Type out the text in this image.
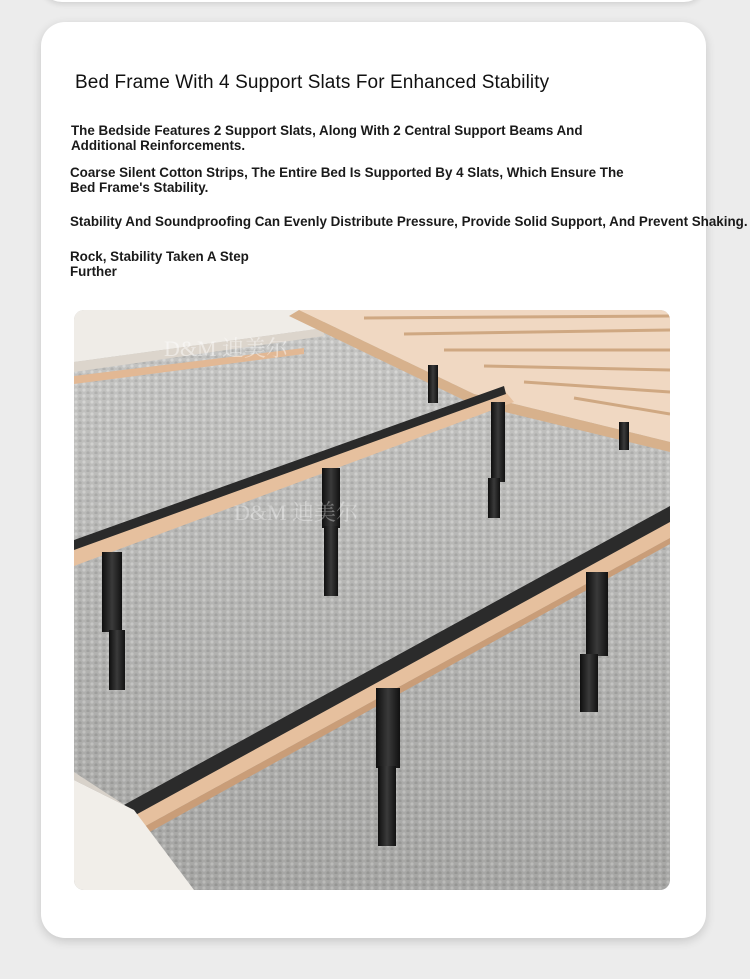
Bed Frame With 4 Support Slats For Enhanced Stability

The Bedside Features 2 Support Slats, Along With 2 Central Support Beams And
Additional Reinforcements.

Coarse Silent Cotton Strips, The Entire Bed Is Supported By 4 Slats, Which Ensure The
Bed Frame's Stability.

Stability And Soundproofing Can Evenly Distribute Pressure, Provide Solid Support, And Prevent Shaking.

Rock, Stability Taken A Step
Further

D&M 迪美尔
D&M 迪美尔
